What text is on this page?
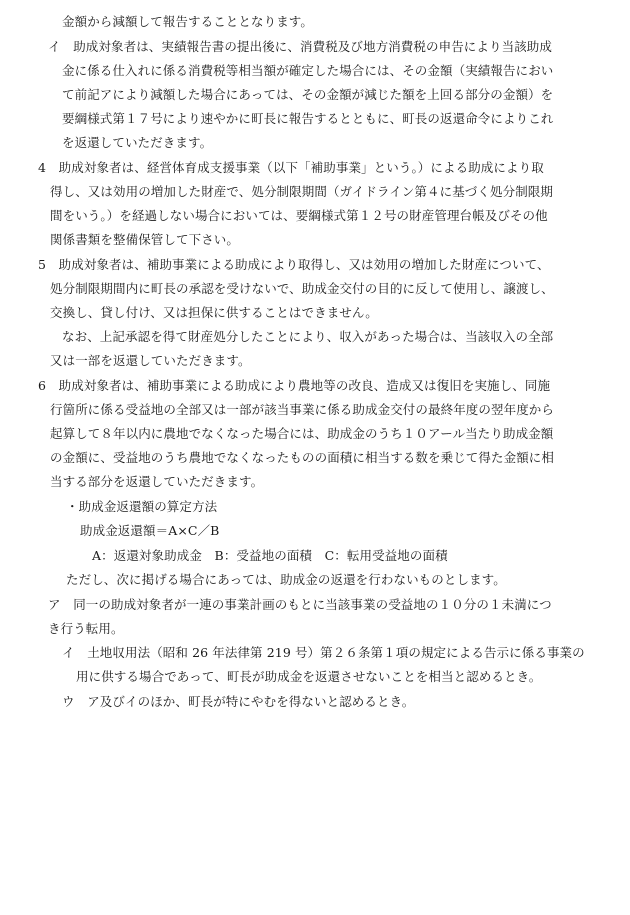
金額から減額して報告することとなります。
イ　助成対象者は、実績報告書の提出後に、消費税及び地方消費税の申告により当該助成
金に係る仕入れに係る消費税等相当額が確定した場合には、その金額（実績報告におい
て前記アにより減額した場合にあっては、その金額が減じた額を上回る部分の金額）を
要綱様式第１７号により速やかに町長に報告するとともに、町長の返還命令によりこれ
を返還していただきます。
4　助成対象者は、経営体育成支援事業（以下「補助事業」という。）による助成により取
得し、又は効用の増加した財産で、処分制限期間（ガイドライン第４に基づく処分制限期
間をいう。）を経過しない場合においては、要綱様式第１２号の財産管理台帳及びその他
関係書類を整備保管して下さい。
5　助成対象者は、補助事業による助成により取得し、又は効用の増加した財産について、
処分制限期間内に町長の承認を受けないで、助成金交付の目的に反して使用し、譲渡し、
交換し、貸し付け、又は担保に供することはできません。
なお、上記承認を得て財産処分したことにより、収入があった場合は、当該収入の全部
又は一部を返還していただきます。
6　助成対象者は、補助事業による助成により農地等の改良、造成又は復旧を実施し、同施
行箇所に係る受益地の全部又は一部が該当事業に係る助成金交付の最終年度の翌年度から
起算して８年以内に農地でなくなった場合には、助成金のうち１０アール当たり助成金額
の金額に、受益地のうち農地でなくなったものの面積に相当する数を乗じて得た金額に相
当する部分を返還していただきます。
・助成金返還額の算定方法
助成金返還額＝A×C／B
A：返還対象助成金　B：受益地の面積　C：転用受益地の面積
ただし、次に掲げる場合にあっては、助成金の返還を行わないものとします。
ア　同一の助成対象者が一連の事業計画のもとに当該事業の受益地の１０分の１未満につ
き行う転用。
イ　土地収用法（昭和 26 年法律第 219 号）第２６条第１項の規定による告示に係る事業の
用に供する場合であって、町長が助成金を返還させないことを相当と認めるとき。
ウ　ア及びイのほか、町長が特にやむを得ないと認めるとき。
